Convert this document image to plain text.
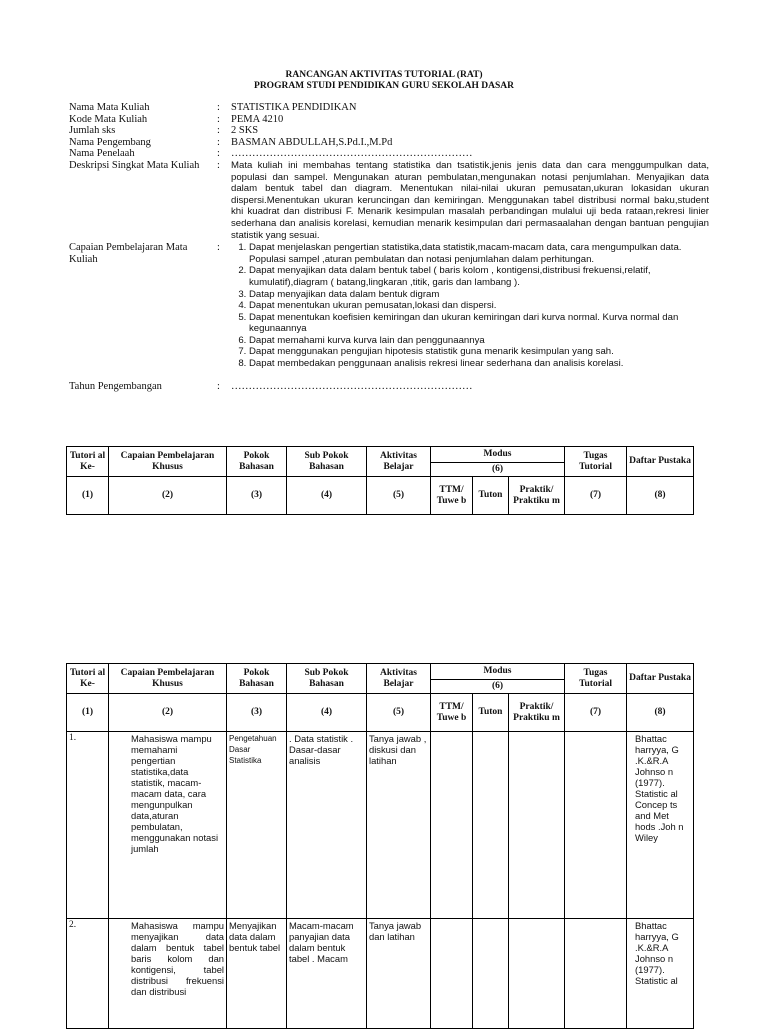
RANCANGAN AKTIVITAS TUTORIAL (RAT)
PROGRAM STUDI PENDIDIKAN GURU SEKOLAH DASAR
Nama Mata Kuliah	:	STATISTIKA PENDIDIKAN
Kode Mata Kuliah	:	PEMA 4210
Jumlah sks	:	2 SKS
Nama Pengembang	:	BASMAN ABDULLAH,S.Pd.I.,M.Pd
Nama Penelaah	:	……………………………………………………………
Deskripsi Singkat Mata Kuliah	:	Mata kuliah ini membahas tentang statistika dan tsatistik,jenis jenis data dan cara menggumpulkan data, populasi dan sampel. Mengunakan aturan pembulatan,mengunakan notasi penjumlahan. Menyajikan data dalam bentuk tabel dan diagram. Menentukan nilai-nilai ukuran pemusatan,ukuran lokasidan ukuran dispersi.Menentukan ukuran keruncingan dan kemiringan. Menggunakan tabel distribusi normal baku,student khi kuadrat dan distribusi F. Menarik kesimpulan masalah perbandingan mulalui uji beda rataan,rekresi linier sederhana dan analisis korelasi, kemudian menarik kesimpulan dari permasaalahan dengan bantuan pengujian statistik yang sesuai.
Capaian Pembelajaran Mata Kuliah
:	1. Dapat menjelaskan pengertian statistika,data statistik,macam-macam data, cara mengumpulkan data. Populasi sampel ,aturan pembulatan dan notasi penjumlahan dalam perhitungan.
2. Dapat menyajikan data dalam bentuk tabel ( baris kolom , kontigensi,distribusi frekuensi,relatif, kumulatif),diagram ( batang,lingkaran ,titik, garis dan lambang ).
3. Datap menyajikan data dalam bentuk digram
4. Dapat menentukan ukuran pemusatan,lokasi dan dispersi.
5. Dapat menentukan koefisien kemiringan dan ukuran kemiringan dari kurva normal. Kurva normal dan kegunaannya
6. Dapat memahami kurva kurva lain dan penggunaannya
7. Dapat menggunakan pengujian hipotesis statistik guna menarik kesimpulan yang sah.
8. Dapat membedakan penggunaan analisis rekresi linear sederhana dan analisis korelasi.
Tahun Pengembangan	:	……………………………………………………………
Tutori al Ke-	Capaian Pembelajaran Khusus	Pokok Bahasan	Sub Pokok Bahasan	Aktivitas Belajar	Modus			Tugas Tutorial	Daftar Pustaka
					(6)				
(1)	(2)	(3)	(4)	(5)	TTM/ Tuwe b	Tuton	Praktik/ Praktiku m	(7)	(8)
Tutori al Ke-	Capaian Pembelajaran Khusus	Pokok Bahasan	Sub Pokok Bahasan	Aktivitas Belajar	Modus			Tugas Tutorial	Daftar Pustaka
					(6)				
(1)	(2)	(3)	(4)	(5)	TTM/ Tuwe b	Tuton	Praktik/ Praktiku m	(7)	(8)
1.	Mahasiswa mampu memahami pengertian statistika,data statistik, macam-macam data, cara mengunpulkan data,aturan pembulatan, menggunakan notasi jumlah	Pengetahuan Dasar Statistika	. Data statistik . Dasar-dasar analisis	Tanya jawab , diskusi dan latihan					Bhattac harryya, G .K.&R.A Johnso n (1977). Statistic al Concep ts and Met hods .Joh n Wiley
2.	Mahasiswa mampu menyajikan data dalam bentuk tabel baris kolom dan kontigensi, tabel distribusi frekuensi dan distribusi	Menyajikan data dalam bentuk tabel	Macam-macam panyajian data dalam bentuk tabel . Macam	Tanya jawab dan latihan					Bhattac harryya, G .K.&R.A Johnso n (1977). Statistic al
